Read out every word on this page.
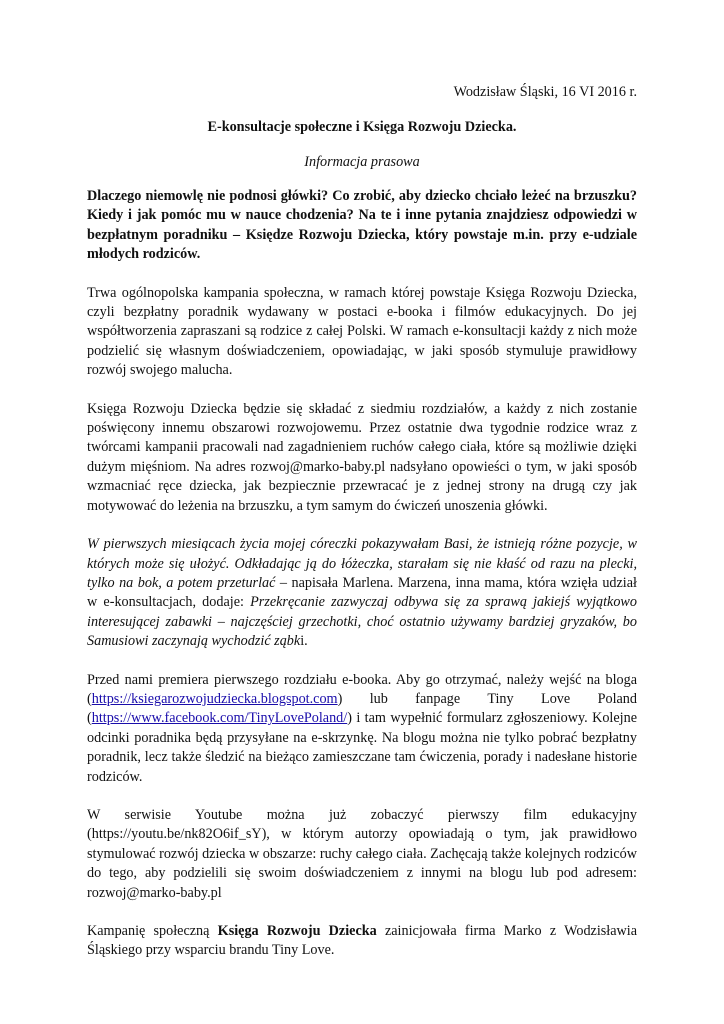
Wodzisław Śląski, 16 VI 2016 r.
E-konsultacje społeczne i Księga Rozwoju Dziecka.
Informacja prasowa

Dlaczego niemowlę nie podnosi główki? Co zrobić, aby dziecko chciało leżeć na brzuszku? Kiedy i jak pomóc mu w nauce chodzenia? Na te i inne pytania znajdziesz odpowiedzi w bezpłatnym poradniku – Księdze Rozwoju Dziecka, który powstaje m.in. przy e-udziale młodych rodziców.

Trwa ogólnopolska kampania społeczna, w ramach której powstaje Księga Rozwoju Dziecka, czyli bezpłatny poradnik wydawany w postaci e-booka i filmów edukacyjnych. Do jej współtworzenia zapraszani są rodzice z całej Polski. W ramach e-konsultacji każdy z nich może podzielić się własnym doświadczeniem, opowiadając, w jaki sposób stymuluje prawidłowy rozwój swojego malucha.

Księga Rozwoju Dziecka będzie się składać z siedmiu rozdziałów, a każdy z nich zostanie poświęcony innemu obszarowi rozwojowemu. Przez ostatnie dwa tygodnie rodzice wraz z twórcami kampanii pracowali nad zagadnieniem ruchów całego ciała, które są możliwie dzięki dużym mięśniom. Na adres rozwoj@marko-baby.pl nadsyłano opowieści o tym, w jaki sposób wzmacniać ręce dziecka, jak bezpiecznie przewracać je z jednej strony na drugą czy jak motywować do leżenia na brzuszku, a tym samym do ćwiczeń unoszenia główki.

W pierwszych miesiącach życia mojej córeczki pokazywałam Basi, że istnieją różne pozycje, w których może się ułożyć. Odkładając ją do łóżeczka, starałam się nie kłaść od razu na plecki, tylko na bok, a potem przeturlać – napisała Marlena. Marzena, inna mama, która wzięła udział w e-konsultacjach, dodaje: Przekręcanie zazwyczaj odbywa się za sprawą jakiejś wyjątkowo interesującej zabawki – najczęściej grzechotki, choć ostatnio używamy bardziej gryzaków, bo Samusiowi zaczynają wychodzić ząbki.

Przed nami premiera pierwszego rozdziału e-booka. Aby go otrzymać, należy wejść na bloga (https://ksiegarozwojudziecka.blogspot.com) lub fanpage Tiny Love Poland (https://www.facebook.com/TinyLovePoland/) i tam wypełnić formularz zgłoszeniowy. Kolejne odcinki poradnika będą przysyłane na e-skrzynkę. Na blogu można nie tylko pobrać bezpłatny poradnik, lecz także śledzić na bieżąco zamieszczane tam ćwiczenia, porady i nadesłane historie rodziców.

W serwisie Youtube można już zobaczyć pierwszy film edukacyjny (https://youtu.be/nk82O6if_sY), w którym autorzy opowiadają o tym, jak prawidłowo stymulować rozwój dziecka w obszarze: ruchy całego ciała. Zachęcają także kolejnych rodziców do tego, aby podzielili się swoim doświadczeniem z innymi na blogu lub pod adresem: rozwoj@marko-baby.pl

Kampanię społeczną Księga Rozwoju Dziecka zainicjowała firma Marko z Wodzisławia Śląskiego przy wsparciu brandu Tiny Love.
